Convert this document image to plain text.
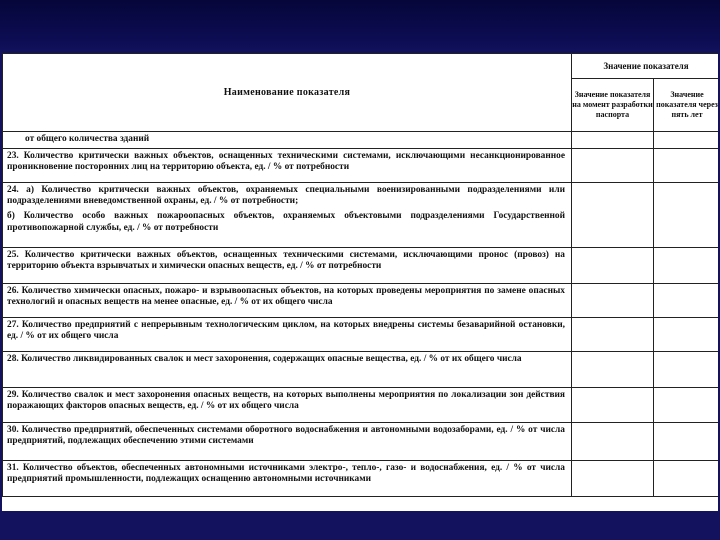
Наименование показателя	Значение показателя	
	Значение показателя на момент разработки паспорта	Значение показателя через пять лет

от общего количества зданий		

23. Количество критически важных объектов, оснащенных техническими системами, исключающими несанкционированное проникновение посторонних лиц на территорию объекта, ед. / % от потребности		

24. а) Количество критически важных объектов, охраняемых специальными военизированными подразделениями или подразделениями вневедомственной охраны, ед. / % от потребности;
б) Количество особо важных пожароопасных объектов, охраняемых объектовыми подразделениями Государственной противопожарной службы, ед. / % от потребности		

25. Количество критически важных объектов, оснащенных техническими системами, исключающими пронос (провоз) на территорию объекта взрывчатых и химически опасных веществ, ед. / % от потребности		

26. Количество химически опасных, пожаро- и взрывоопасных объектов, на которых проведены мероприятия по замене опасных технологий и опасных веществ на менее опасные, ед. / % от их общего числа		

27. Количество предприятий с непрерывным технологическим циклом, на которых внедрены системы безаварийной остановки, ед. / % от их общего числа		

28. Количество ликвидированных свалок и мест захоронения, содержащих опасные вещества, ед. / % от их общего числа		

29. Количество свалок и мест захоронения опасных веществ, на которых выполнены мероприятия по локализации зон действия поражающих факторов опасных веществ, ед. / % от их общего числа		

30. Количество предприятий, обеспеченных системами оборотного водоснабжения и автономными водозаборами, ед. / % от числа предприятий, подлежащих обеспечению этими системами		

31. Количество объектов, обеспеченных автономными источниками электро-, тепло-, газо- и водоснабжения, ед. / % от числа предприятий промышленности, подлежащих оснащению автономными источниками		
